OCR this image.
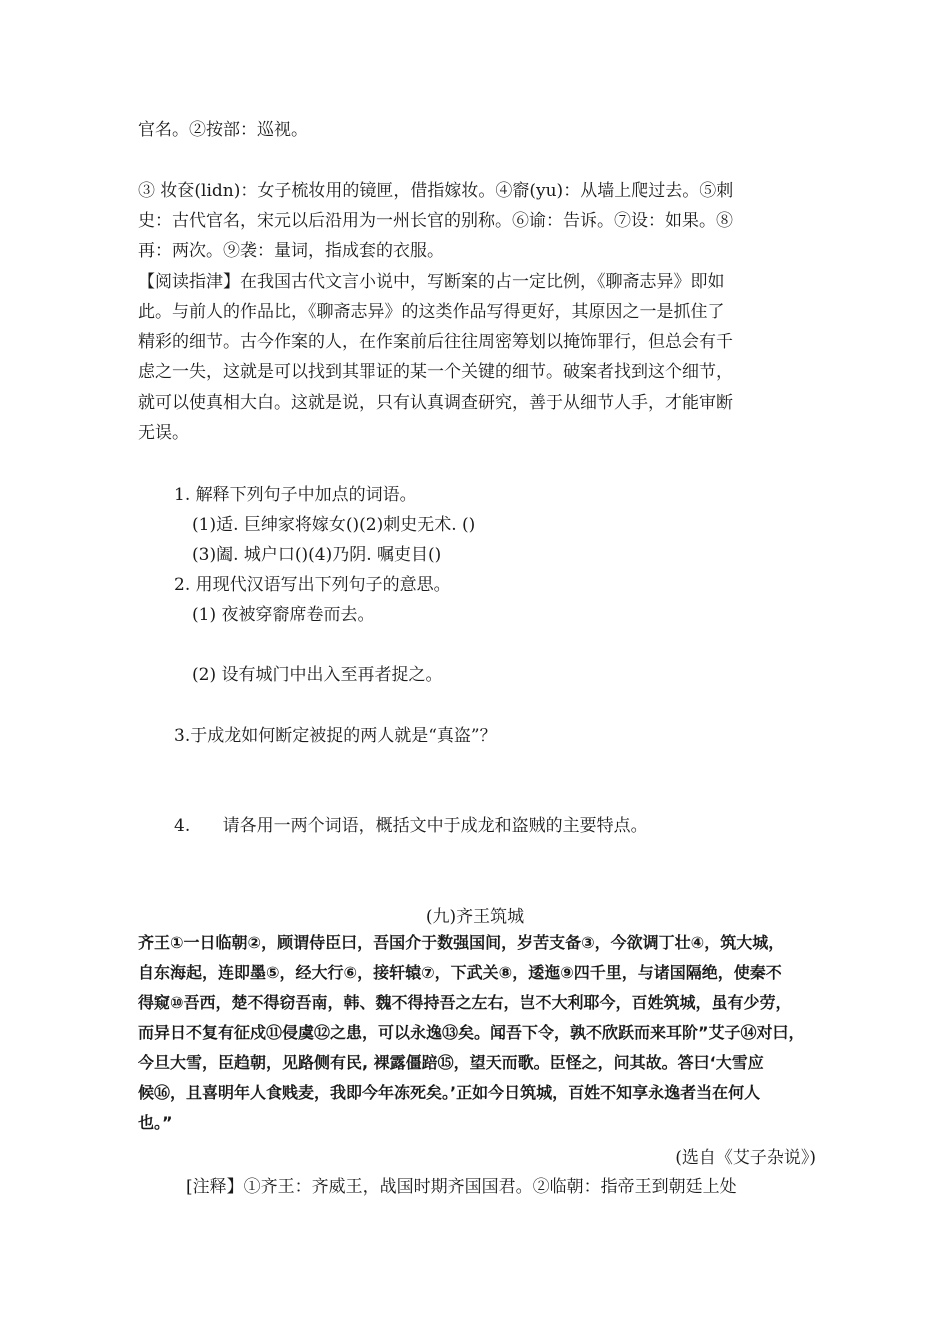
官名。②按部：巡视。
③ 妆奁(lidn)：女子梳妆用的镜匣，借指嫁妆。④窬(yu)：从墙上爬过去。⑤刺
史：古代官名，宋元以后沿用为一州长官的别称。⑥谕：告诉。⑦设：如果。⑧
再：两次。⑨袭：量词，指成套的衣服。
【阅读指津】在我国古代文言小说中，写断案的占一定比例，《聊斋志异》即如
此。与前人的作品比，《聊斋志异》的这类作品写得更好，其原因之一是抓住了
精彩的细节。古今作案的人，在作案前后往往周密筹划以掩饰罪行，但总会有千
虑之一失，这就是可以找到其罪证的某一个关键的细节。破案者找到这个细节，
就可以使真相大白。这就是说，只有认真调查研究，善于从细节人手，才能审断
无误。
1. 解释下列句子中加点的词语。
(1)适. 巨绅家将嫁女()(2)刺史无术. ()
(3)阖. 城户口()(4)乃阴. 嘱吏目()
2. 用现代汉语写出下列句子的意思。
(1) 夜被穿窬席卷而去。
(2) 设有城门中出入至再者捉之。
3.于成龙如何断定被捉的两人就是“真盗”？
4.      请各用一两个词语，概括文中于成龙和盗贼的主要特点。
(九)齐王筑城
齐王①一日临朝②，顾谓侍臣曰，吾国介于数强国间，岁苦支备③，今欲调丁壮④，筑大城，
自东海起，连即墨⑤，经大行⑥，接轩辕⑦，下武关⑧，逶迤⑨四千里，与诸国隔绝，使秦不
得窥⑩吾西，楚不得窃吾南，韩、魏不得持吾之左右，岂不大利耶今，百姓筑城，虽有少劳，
而异日不复有征戍⑪侵虞⑫之患，可以永逸⑬矣。闻吾下令，孰不欣跃而来耳阶”艾子⑭对曰，
今旦大雪，臣趋朝，见路侧有民, 裸露僵踣⑮，望天而歌。臣怪之，问其故。答曰‘大雪应
候⑯，且喜明年人食贱麦，我即今年冻死矣。’正如今日筑城，百姓不知享永逸者当在何人
也。”
(选自《艾子杂说》)
[注释】①齐王：齐威王，战国时期齐国国君。②临朝：指帝王到朝廷上处
